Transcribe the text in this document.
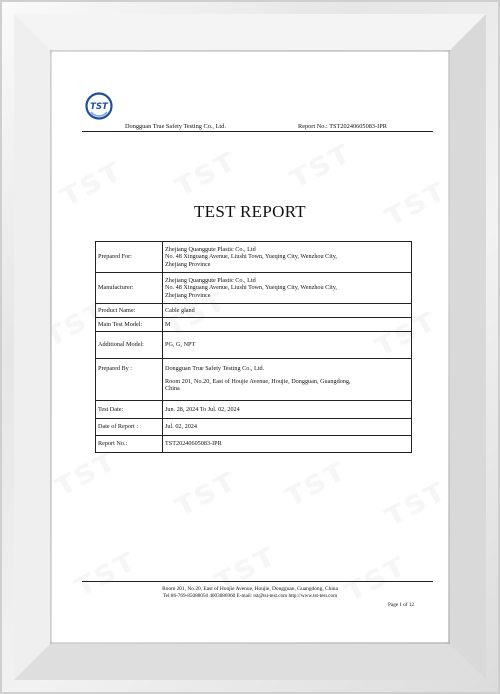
TST
Dongguan True Safety Testing Co., Ltd.	Report No.: TST20240605083-IPR
TEST REPORT
Prepared For:	Zhejiang Quanggute Plastic Co., Ltd
No. 48 Xinguang Avenue, Liushi Town, Yueqing City, Wenzhou City,
Zhejiang Province

Manufacturer:	Zhejiang Quanggute Plastic Co., Ltd
No. 48 Xinguang Avenue, Liushi Town, Yueqing City, Wenzhou City,
Zhejiang Province

Product Name:	Cable gland
Main Test Model:	M
Additional Model:	PG, G, NPT
Prepared By :	Dongguan True Safety Testing Co., Ltd.
Room 201, No.20, East of Houjie Avenue, Houjie, Dongguan, Guangdong,
China

Test Date:	Jun. 28, 2024 To Jul. 02, 2024
Date of Report :	Jul. 02, 2024
Report No.:	TST20240605083-IPR
Room 201, No.20, East of Houjie Avenue, Houjie, Dongguan, Guangdong, China
Tel:86-769-85088050 4003086960 E-mail: tst@tst-test.com http://www.tst-test.com
Page 1 of 12
